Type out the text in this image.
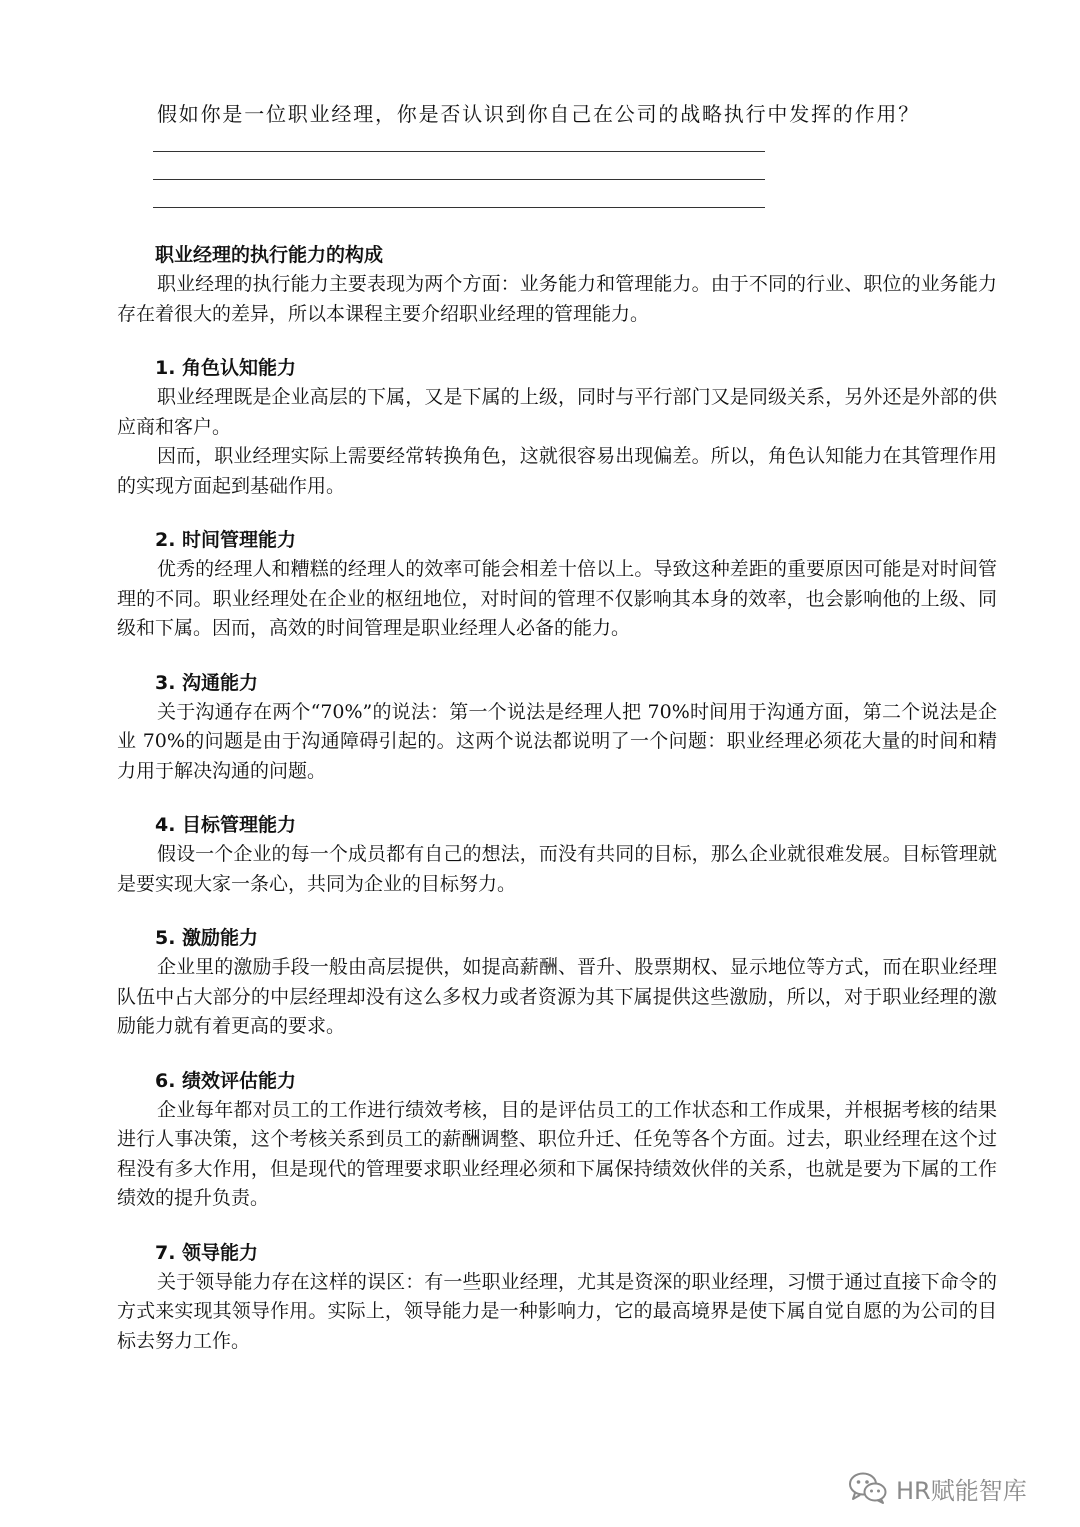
假如你是一位职业经理，你是否认识到你自己在公司的战略执行中发挥的作用？

职业经理的执行能力的构成

职业经理的执行能力主要表现为两个方面：业务能力和管理能力。由于不同的行业、职位的业务能力存在着很大的差异，所以本课程主要介绍职业经理的管理能力。

1. 角色认知能力

职业经理既是企业高层的下属，又是下属的上级，同时与平行部门又是同级关系，另外还是外部的供应商和客户。

因而，职业经理实际上需要经常转换角色，这就很容易出现偏差。所以，角色认知能力在其管理作用的实现方面起到基础作用。

2. 时间管理能力

优秀的经理人和糟糕的经理人的效率可能会相差十倍以上。导致这种差距的重要原因可能是对时间管理的不同。职业经理处在企业的枢纽地位，对时间的管理不仅影响其本身的效率，也会影响他的上级、同级和下属。因而，高效的时间管理是职业经理人必备的能力。

3. 沟通能力

关于沟通存在两个“70%”的说法：第一个说法是经理人把 70%时间用于沟通方面，第二个说法是企业 70%的问题是由于沟通障碍引起的。这两个说法都说明了一个问题：职业经理必须花大量的时间和精力用于解决沟通的问题。

4. 目标管理能力

假设一个企业的每一个成员都有自己的想法，而没有共同的目标，那么企业就很难发展。目标管理就是要实现大家一条心，共同为企业的目标努力。

5. 激励能力

企业里的激励手段一般由高层提供，如提高薪酬、晋升、股票期权、显示地位等方式，而在职业经理队伍中占大部分的中层经理却没有这么多权力或者资源为其下属提供这些激励，所以，对于职业经理的激励能力就有着更高的要求。

6. 绩效评估能力

企业每年都对员工的工作进行绩效考核，目的是评估员工的工作状态和工作成果，并根据考核的结果进行人事决策，这个考核关系到员工的薪酬调整、职位升迁、任免等各个方面。过去，职业经理在这个过程没有多大作用，但是现代的管理要求职业经理必须和下属保持绩效伙伴的关系，也就是要为下属的工作绩效的提升负责。

7. 领导能力

关于领导能力存在这样的误区：有一些职业经理，尤其是资深的职业经理，习惯于通过直接下命令的方式来实现其领导作用。实际上，领导能力是一种影响力，它的最高境界是使下属自觉自愿的为公司的目标去努力工作。

HR赋能智库
